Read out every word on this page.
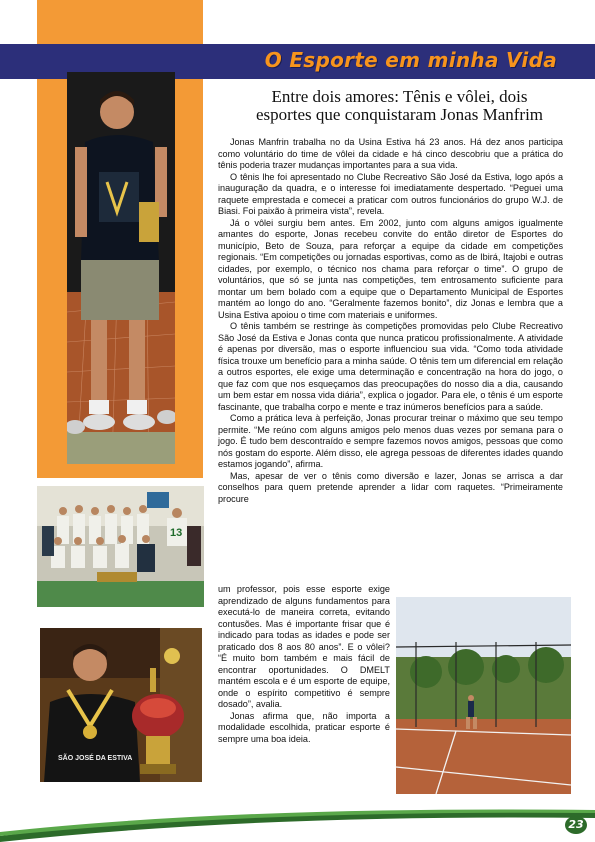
O Esporte em minha Vida
13
SÃO JOSÉ DA ESTIVA
Entre dois amores: Tênis e vôlei, dois
esportes que conquistaram Jonas Manfrim

Jonas Manfrin trabalha no da Usina Estiva há 23 anos. Há dez anos participa como voluntário do time de vôlei da cidade e há cinco descobriu que a prática do tênis poderia trazer mudanças importantes para a sua vida.

O tênis lhe foi apresentado no Clube Recreativo São José da Estiva, logo após a inauguração da quadra, e o interesse foi imediatamente despertado. “Peguei uma raquete emprestada e comecei a praticar com outros funcionários do grupo W.J. de Biasi. Foi paixão à primeira vista”, revela.

Já o vôlei surgiu bem antes. Em 2002, junto com alguns amigos igualmente amantes do esporte, Jonas recebeu convite do então diretor de Esportes do município, Beto de Souza, para reforçar a equipe da cidade em competições regionais. “Em competições ou jornadas esportivas, como as de Ibirá, Itajobi e outras cidades, por exemplo, o técnico nos chama para reforçar o time”. O grupo de voluntários, que só se junta nas competições, tem entrosamento suficiente para montar um bem bolado com a equipe que o Departamento Municipal de Esportes mantém ao longo do ano. “Geralmente fazemos bonito”, diz Jonas e lembra que a Usina Estiva apoiou o time com materiais e uniformes.

O tênis também se restringe às competições promovidas pelo Clube Recreativo São José da Estiva e Jonas conta que nunca praticou profissionalmente. A atividade é apenas por diversão, mas o esporte influenciou sua vida. “Como toda atividade física trouxe um benefício para a minha saúde. O tênis tem um diferencial em relação a outros esportes, ele exige uma determinação e concentração na hora do jogo, o que faz com que nos esqueçamos das preocupações do nosso dia a dia, causando um bem estar em nossa vida diária”, explica o jogador. Para ele, o tênis é um esporte fascinante, que trabalha corpo e mente e traz inúmeros benefícios para a saúde.

Como a prática leva à perfeição, Jonas procurar treinar o máximo que seu tempo permite. “Me reúno com alguns amigos pelo menos duas vezes por semana para o jogo. É tudo bem descontraído e sempre fazemos novos amigos, pessoas que como nós gostam do esporte. Além disso, ele agrega pessoas de diferentes idades quando estamos jogando”, afirma.

Mas, apesar de ver o tênis como diversão e lazer, Jonas se arrisca a dar conselhos para quem pretende aprender a lidar com raquetes. “Primeiramente procure

um professor, pois esse esporte exige aprendizado de alguns fundamentos para executá-lo de maneira correta, evitando contusões. Mas é importante frisar que é indicado para todas as idades e pode ser praticado dos 8 aos 80 anos”. E o vôlei? “É muito bom também e mais fácil de encontrar oportunidades. O DMELT mantém escola e é um esporte de equipe, onde o espírito competitivo é sempre dosado”, avalia.

Jonas afirma que, não importa a modalidade escolhida, praticar esporte é sempre uma boa ideia.

23
